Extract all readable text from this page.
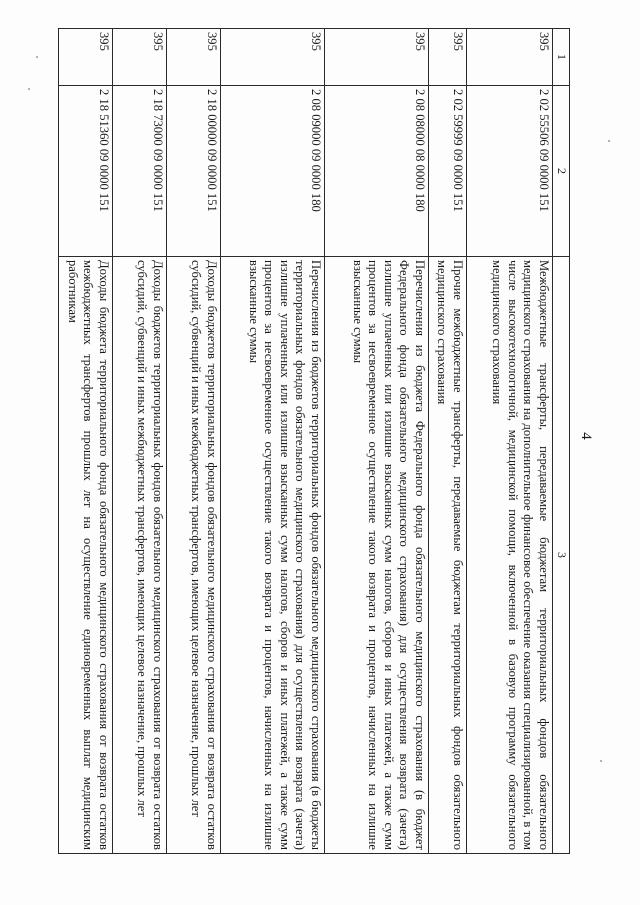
4
1	2	3
395	2 02 55506 09 0000 151	Межбюджетные трансферты, передаваемые бюджетам территориальных фондов обязательного медицинского страхования на дополнительное финансовое обеспечение оказания специализированной, в том числе высокотехнологичной, медицинской помощи, включенной в базовую программу обязательного медицинского страхования
395	2 02 59999 09 0000 151	Прочие межбюджетные трансферты, передаваемые бюджетам территориальных фондов обязательного медицинского страхования
395	2 08 08000 08 0000 180	Перечисления из бюджета Федерального фонда обязательного медицинского страхования (в бюджет Федерального фонда обязательного медицинского страхования) для осуществления возврата (зачета) излишне уплаченных или излишне взысканных сумм налогов, сборов и иных платежей, а также сумм процентов за несвоевременное осуществление такого возврата и процентов, начисленных на излишне взысканные суммы
395	2 08 09000 09 0000 180	Перечисления из бюджетов территориальных фондов обязательного медицинского страхования (в бюджеты территориальных фондов обязательного медицинского страхования) для осуществления возврата (зачета) излишне уплаченных или излишне взысканных сумм налогов, сборов и иных платежей, а также сумм процентов за несвоевременное осуществление такого возврата и процентов, начисленных на излишне взысканные суммы
395	2 18 00000 09 0000 151	Доходы бюджетов территориальных фондов обязательного медицинского страхования от возврата остатков субсидий, субвенций и иных межбюджетных трансфертов, имеющих целевое назначение, прошлых лет
395	2 18 73000 09 0000 151	Доходы бюджетов территориальных фондов обязательного медицинского страхования от возврата остатков субсидий, субвенций и иных межбюджетных трансфертов, имеющих целевое назначение, прошлых лет
395	2 18 51360 09 0000 151	Доходы бюджета территориального фонда обязательного медицинского страхования от возврата остатков межбюджетных трансфертов прошлых лет на осуществление единовременных выплат медицинским работникам
